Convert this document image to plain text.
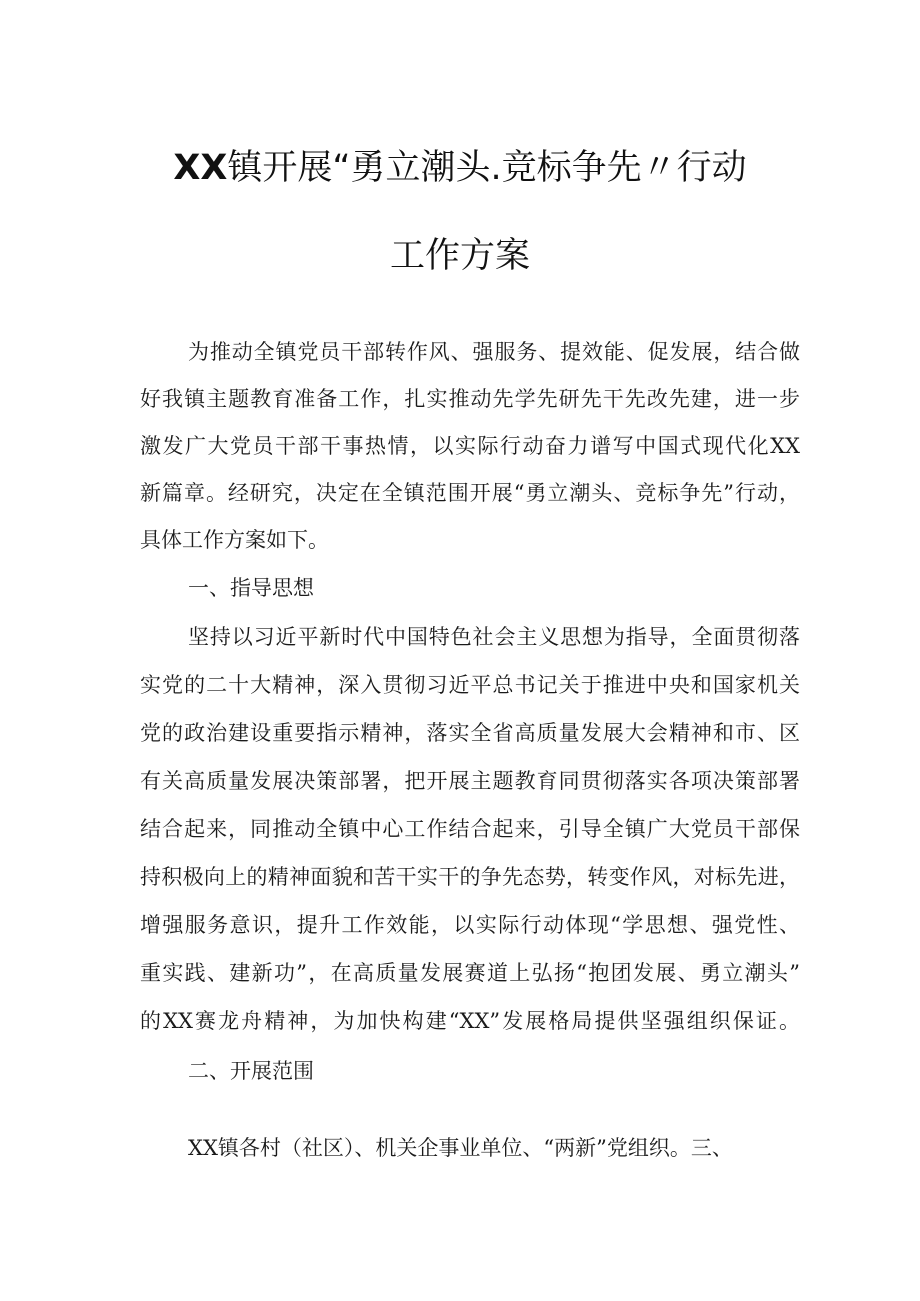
XX镇开展“勇立潮头.竞标争先〃行动
工作方案
为推动全镇党员干部转作风、强服务、提效能、促发展，结合做
好我镇主题教育准备工作，扎实推动先学先研先干先改先建，进一步
激发广大党员干部干事热情，以实际行动奋力谱写中国式现代化XX
新篇章。经研究，决定在全镇范围开展“勇立潮头、竞标争先”行动，
具体工作方案如下。
一、指导思想
坚持以习近平新时代中国特色社会主义思想为指导，全面贯彻落
实党的二十大精神，深入贯彻习近平总书记关于推进中央和国家机关
党的政治建设重要指示精神，落实全省高质量发展大会精神和市、区
有关高质量发展决策部署，把开展主题教育同贯彻落实各项决策部署
结合起来，同推动全镇中心工作结合起来，引导全镇广大党员干部保
持积极向上的精神面貌和苦干实干的争先态势，转变作风，对标先进，
增强服务意识，提升工作效能，以实际行动体现“学思想、强党性、
重实践、建新功”，在高质量发展赛道上弘扬“抱团发展、勇立潮头”
的XX赛龙舟精神，为加快构建“XX”发展格局提供坚强组织保证。
二、开展范围
XX镇各村（社区）、机关企事业单位、“两新”党组织。三、
